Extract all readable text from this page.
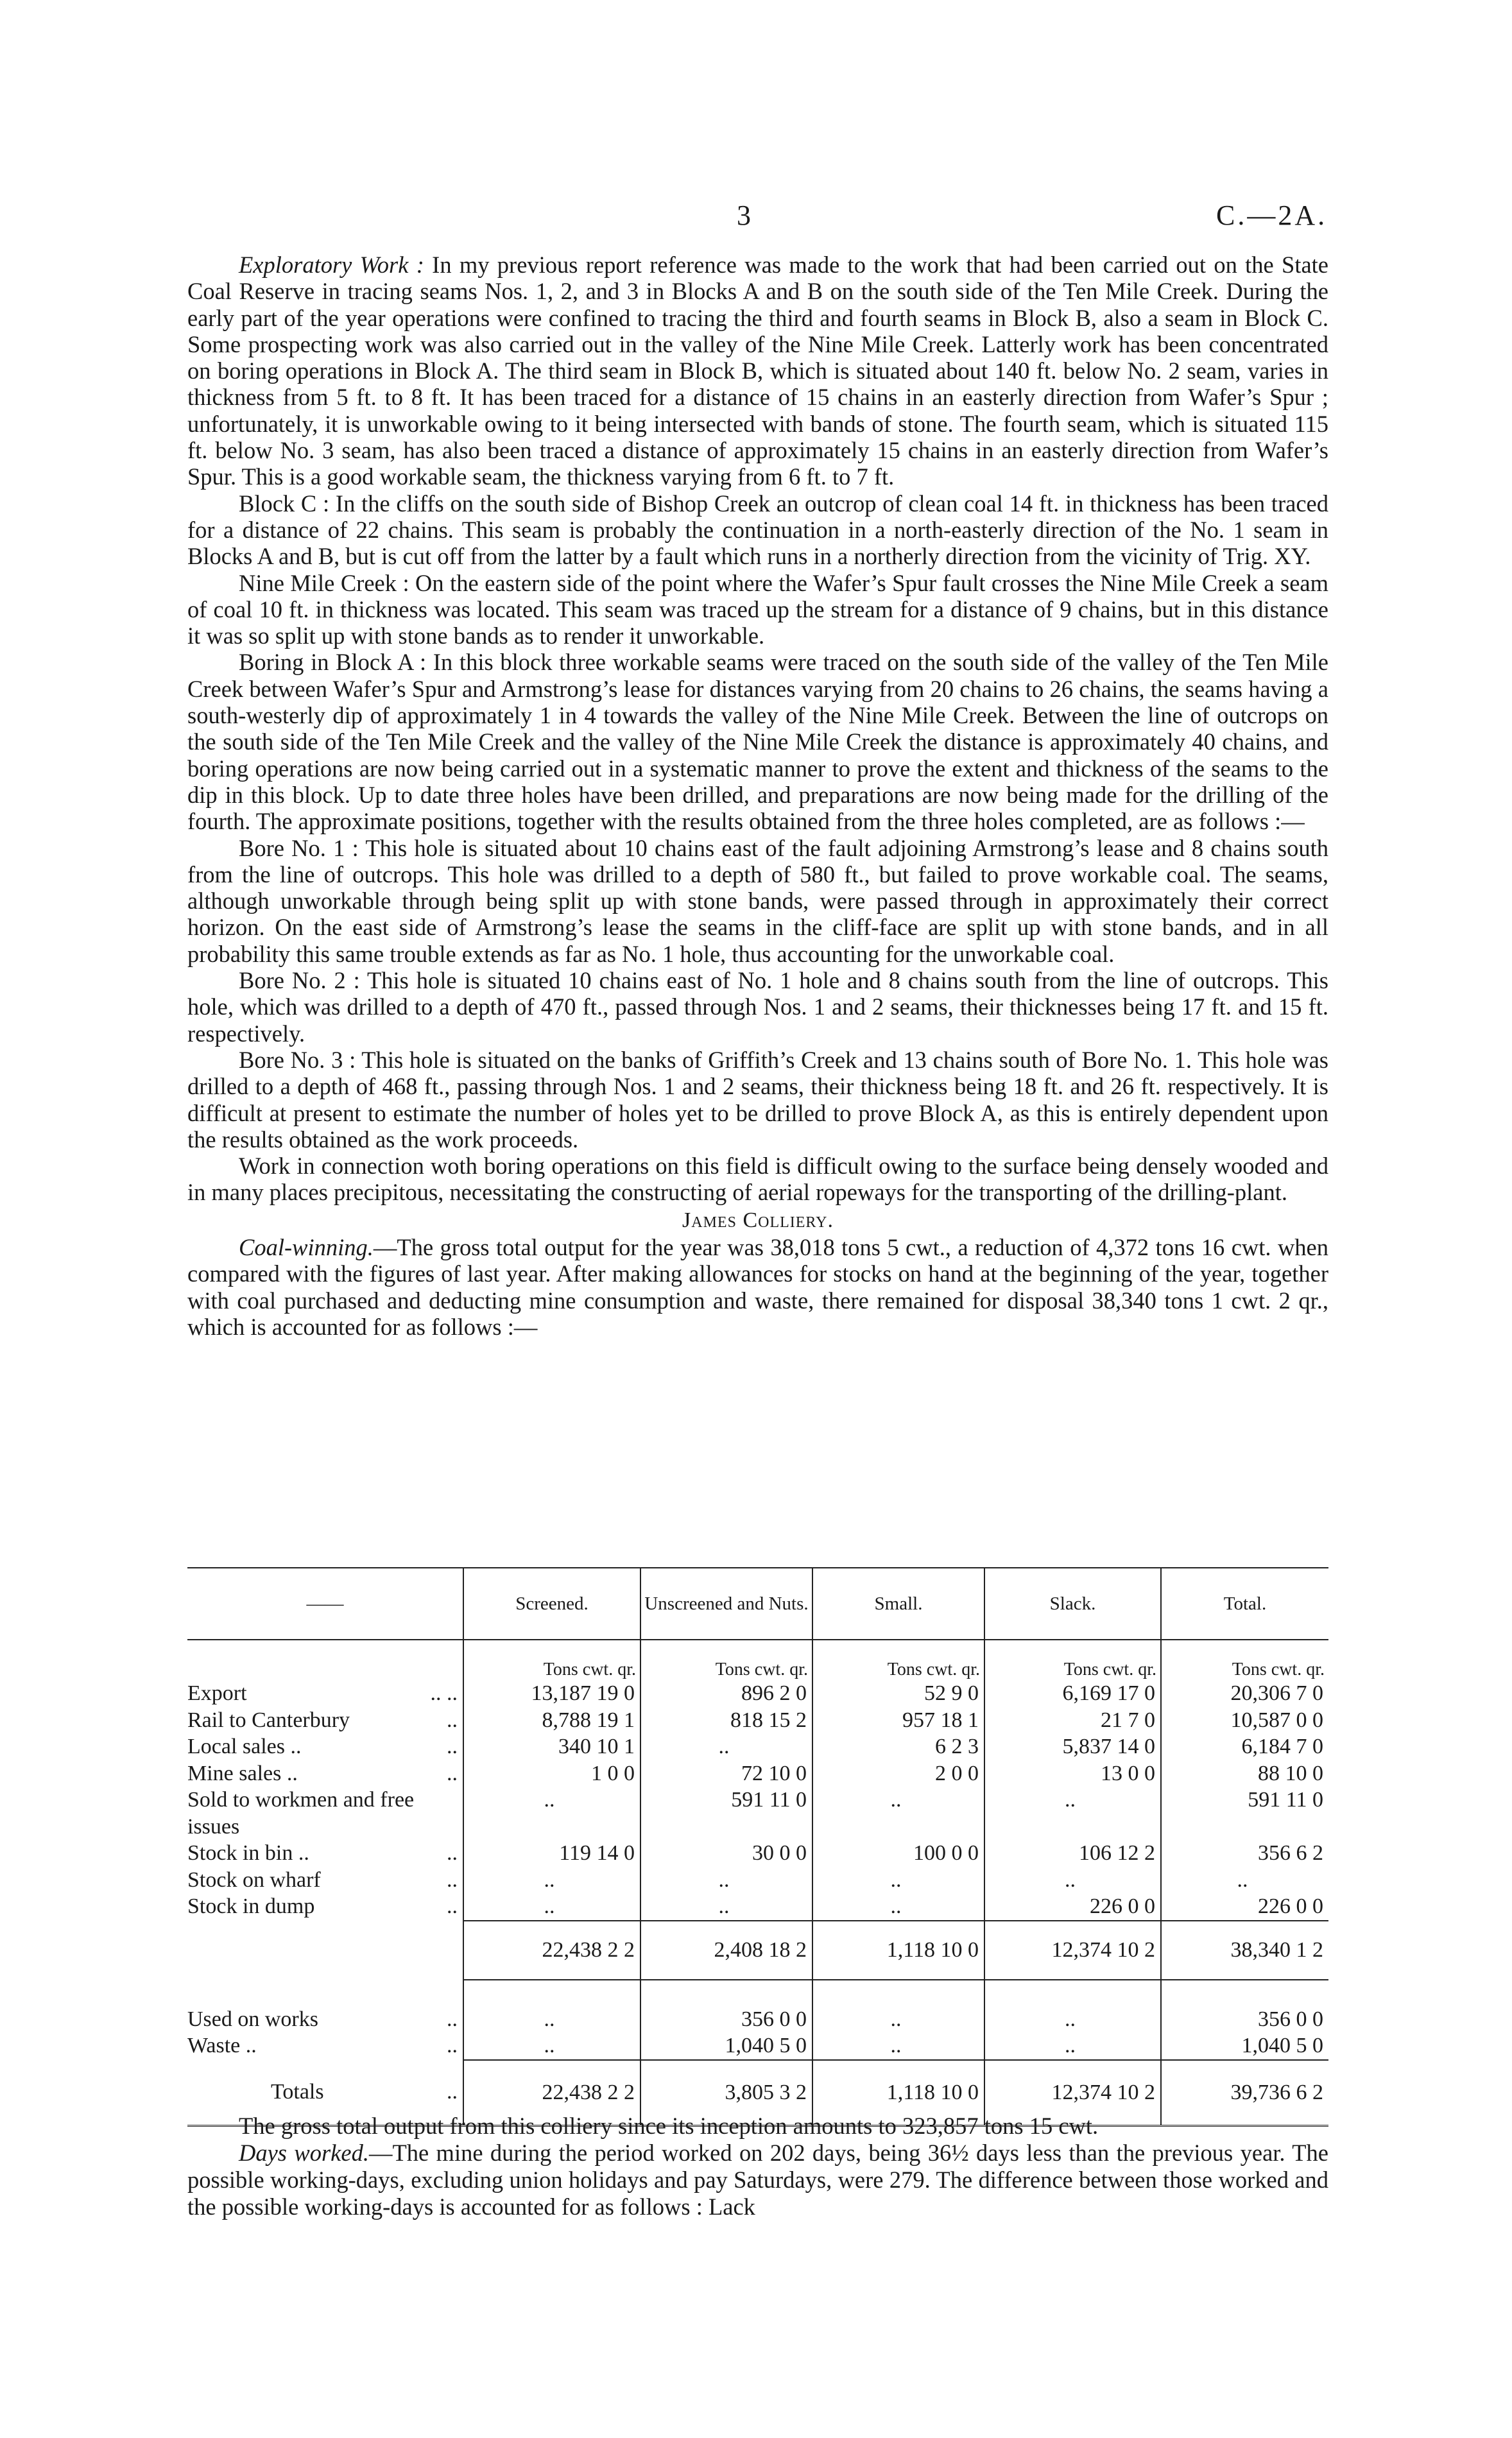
3	C.—2A.

Exploratory Work : In my previous report reference was made to the work that had been carried out on the State Coal Reserve in tracing seams Nos. 1, 2, and 3 in Blocks A and B on the south side of the Ten Mile Creek. During the early part of the year operations were confined to tracing the third and fourth seams in Block B, also a seam in Block C. Some prospecting work was also carried out in the valley of the Nine Mile Creek. Latterly work has been concentrated on boring operations in Block A. The third seam in Block B, which is situated about 140 ft. below No. 2 seam, varies in thickness from 5 ft. to 8 ft. It has been traced for a distance of 15 chains in an easterly direction from Wafer’s Spur ; unfortunately, it is unworkable owing to it being intersected with bands of stone. The fourth seam, which is situated 115 ft. below No. 3 seam, has also been traced a distance of approximately 15 chains in an easterly direction from Wafer’s Spur. This is a good workable seam, the thickness varying from 6 ft. to 7 ft.

Block C : In the cliffs on the south side of Bishop Creek an outcrop of clean coal 14 ft. in thickness has been traced for a distance of 22 chains. This seam is probably the continuation in a north-easterly direction of the No. 1 seam in Blocks A and B, but is cut off from the latter by a fault which runs in a northerly direction from the vicinity of Trig. XY.

Nine Mile Creek : On the eastern side of the point where the Wafer’s Spur fault crosses the Nine Mile Creek a seam of coal 10 ft. in thickness was located. This seam was traced up the stream for a distance of 9 chains, but in this distance it was so split up with stone bands as to render it unworkable.

Boring in Block A : In this block three workable seams were traced on the south side of the valley of the Ten Mile Creek between Wafer’s Spur and Armstrong’s lease for distances varying from 20 chains to 26 chains, the seams having a south-westerly dip of approximately 1 in 4 towards the valley of the Nine Mile Creek. Between the line of outcrops on the south side of the Ten Mile Creek and the valley of the Nine Mile Creek the distance is approximately 40 chains, and boring operations are now being carried out in a systematic manner to prove the extent and thickness of the seams to the dip in this block. Up to date three holes have been drilled, and preparations are now being made for the drilling of the fourth. The approximate positions, together with the results obtained from the three holes completed, are as follows :—

Bore No. 1 : This hole is situated about 10 chains east of the fault adjoining Armstrong’s lease and 8 chains south from the line of outcrops. This hole was drilled to a depth of 580 ft., but failed to prove workable coal. The seams, although unworkable through being split up with stone bands, were passed through in approximately their correct horizon. On the east side of Armstrong’s lease the seams in the cliff-face are split up with stone bands, and in all probability this same trouble extends as far as No. 1 hole, thus accounting for the unworkable coal.

Bore No. 2 : This hole is situated 10 chains east of No. 1 hole and 8 chains south from the line of outcrops. This hole, which was drilled to a depth of 470 ft., passed through Nos. 1 and 2 seams, their thicknesses being 17 ft. and 15 ft. respectively.

Bore No. 3 : This hole is situated on the banks of Griffith’s Creek and 13 chains south of Bore No. 1. This hole was drilled to a depth of 468 ft., passing through Nos. 1 and 2 seams, their thickness being 18 ft. and 26 ft. respectively. It is difficult at present to estimate the number of holes yet to be drilled to prove Block A, as this is entirely dependent upon the results obtained as the work proceeds.

Work in connection woth boring operations on this field is difficult owing to the surface being densely wooded and in many places precipitous, necessitating the constructing of aerial ropeways for the transporting of the drilling-plant.

James Colliery.

Coal-winning.—The gross total output for the year was 38,018 tons 5 cwt., a reduction of 4,372 tons 16 cwt. when compared with the figures of last year. After making allowances for stocks on hand at the beginning of the year, together with coal purchased and deducting mine consumption and waste, there remained for disposal 38,340 tons 1 cwt. 2 qr., which is accounted for as follows :—

——	Screened.	Unscreened and Nuts.	Small.	Slack.	Total.
	Tons cwt. qr.	Tons cwt. qr.	Tons cwt. qr.	Tons cwt. qr.	Tons cwt. qr.
Export .. ..	13,187 19 0	896 2 0	52 9 0	6,169 17 0	20,306 7 0
Rail to Canterbury ..	8,788 19 1	818 15 2	957 18 1	21 7 0	10,587 0 0
Local sales .. ..	340 10 1	..	6 2 3	5,837 14 0	6,184 7 0
Mine sales .. ..	1 0 0	72 10 0	2 0 0	13 0 0	88 10 0
Sold to workmen and free issues	..	591 11 0	..	..	591 11 0
Stock in bin .. ..	119 14 0	30 0 0	100 0 0	106 12 2	356 6 2
Stock on wharf ..	..	..	..	..	..
Stock in dump ..	..	..	..	226 0 0	226 0 0
	22,438 2 2	2,408 18 2	1,118 10 0	12,374 10 2	38,340 1 2

Used on works ..	..	356 0 0	..	..	356 0 0
Waste .. ..	..	1,040 5 0	..	..	1,040 5 0
Totals ..	22,438 2 2	3,805 3 2	1,118 10 0	12,374 10 2	39,736 6 2

The gross total output from this colliery since its inception amounts to 323,857 tons 15 cwt.

Days worked.—The mine during the period worked on 202 days, being 36½ days less than the previous year. The possible working-days, excluding union holidays and pay Saturdays, were 279. The difference between those worked and the possible working-days is accounted for as follows : Lack
